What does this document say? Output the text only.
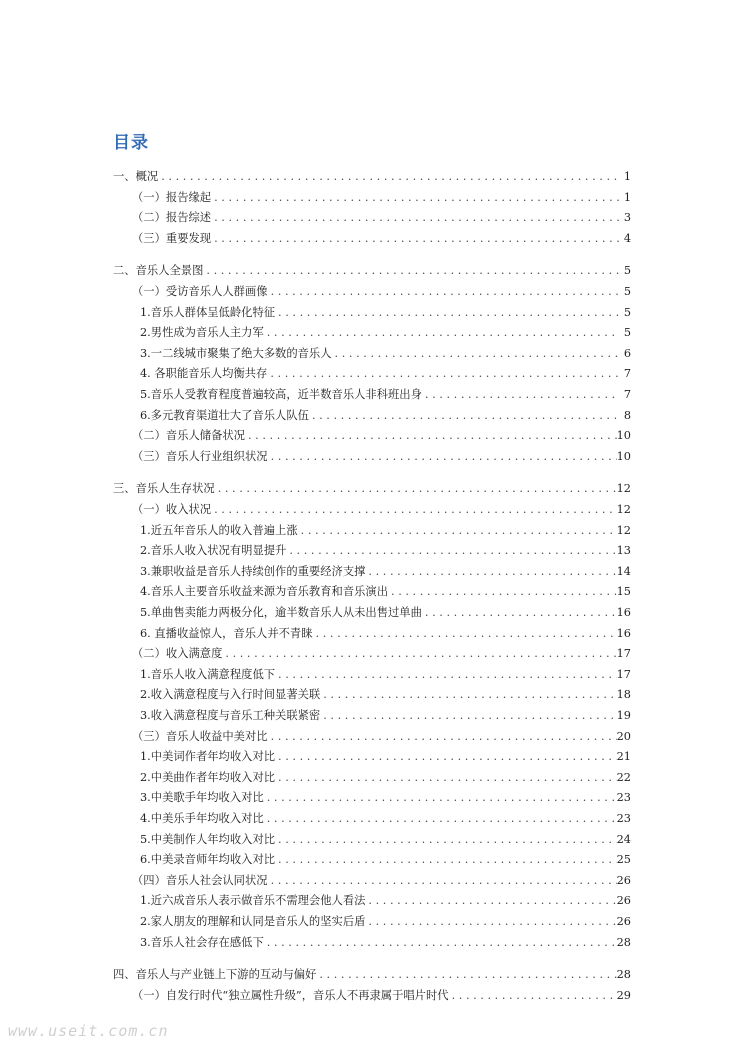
目录
一、概况 . . .	1
（一）报告缘起 . . .	1
（二）报告综述 . . .	3
（三）重要发现 . . .	4
二、音乐人全景图 . . .	5
（一）受访音乐人人群画像 . . .	5
1.音乐人群体呈低龄化特征 . . .	5
2.男性成为音乐人主力军 . . .	5
3.一二线城市聚集了绝大多数的音乐人 . . .	6
4. 各职能音乐人均衡共存 . . .	7
5.音乐人受教育程度普遍较高，近半数音乐人非科班出身 . . .	7
6.多元教育渠道壮大了音乐人队伍 . . .	8
（二）音乐人储备状况 . . .	10
（三）音乐人行业组织状况 . . .	10
三、音乐人生存状况 . . .	12
（一）收入状况 . . .	12
1.近五年音乐人的收入普遍上涨 . . .	12
2.音乐人收入状况有明显提升 . . .	13
3.兼职收益是音乐人持续创作的重要经济支撑 . . .	14
4.音乐人主要音乐收益来源为音乐教育和音乐演出 . . .	15
5.单曲售卖能力两极分化，逾半数音乐人从未出售过单曲 . . .	16
6. 直播收益惊人，音乐人并不青睐 . . .	16
（二）收入满意度 . . .	17
1.音乐人收入满意程度低下 . . .	17
2.收入满意程度与入行时间显著关联 . . .	18
3.收入满意程度与音乐工种关联紧密 . . .	19
（三）音乐人收益中美对比 . . .	20
1.中美词作者年均收入对比 . . .	21
2.中美曲作者年均收入对比 . . .	22
3.中美歌手年均收入对比 . . .	23
4.中美乐手年均收入对比 . . .	23
5.中美制作人年均收入对比 . . .	24
6.中美录音师年均收入对比 . . .	25
（四）音乐人社会认同状况 . . .	26
1.近六成音乐人表示做音乐不需理会他人看法 . . .	26
2.家人朋友的理解和认同是音乐人的坚实后盾 . . .	26
3.音乐人社会存在感低下 . . .	28
四、音乐人与产业链上下游的互动与偏好 . . .	28
（一）自发行时代“独立属性升级”，音乐人不再隶属于唱片时代 . . .	29
www.useit.com.cn
